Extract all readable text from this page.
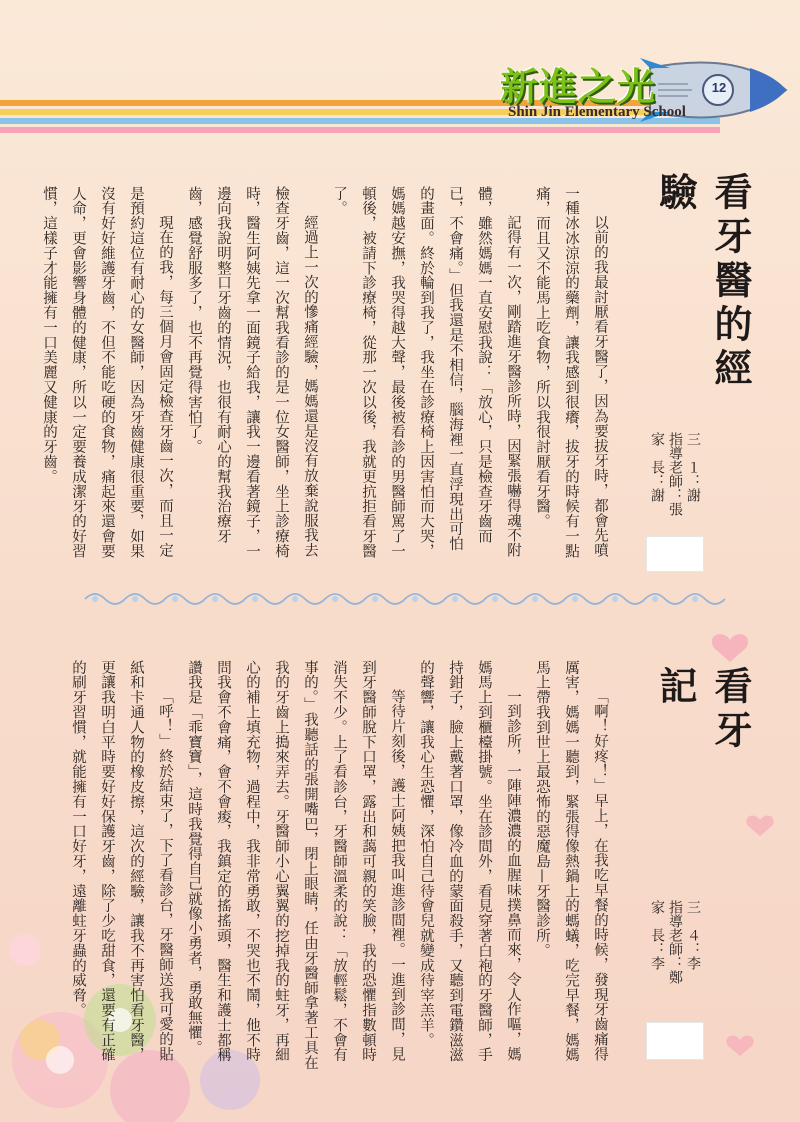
12
新進之光
Shin Jin Elementary School
看牙醫的經驗
三　１：謝
指導老師：張
家　長：謝

以前的我最討厭看牙醫了，因為要拔牙時，都會先噴一種冰冰涼涼的藥劑，讓我感到很癢，拔牙的時候有一點痛，而且又不能馬上吃食物，所以我很討厭看牙醫。

記得有一次，剛踏進牙醫診所時，因緊張嚇得魂不附體，雖然媽媽一直安慰我說：「放心，只是檢查牙齒而已，不會痛。」但我還是不相信，腦海裡一直浮現出可怕的畫面。終於輪到我了，我坐在診療椅上因害怕而大哭，媽媽越安撫，我哭得越大聲，最後被看診的男醫師罵了一頓後，被請下診療椅，從那一次以後，我就更抗拒看牙醫了。

經過上一次的慘痛經驗，媽媽還是沒有放棄說服我去檢查牙齒，這一次幫我看診的是一位女醫師，坐上診療椅時，醫生阿姨先拿一面鏡子給我，讓我一邊看著鏡子，一邊向我說明整口牙齒的情況，也很有耐心的幫我治療牙齒，感覺舒服多了，也不再覺得害怕了。

現在的我，每三個月會固定檢查牙齒一次，而且一定是預約這位有耐心的女醫師，因為牙齒健康很重要，如果沒有好好維護牙齒，不但不能吃硬的食物，痛起來還會要人命，更會影響身體的健康，所以一定要養成潔牙的好習慣，這樣子才能擁有一口美麗又健康的牙齒。

看牙記
三　４：李
指導老師：鄭
家　長：李

「啊！好疼！」早上，在我吃早餐的時候，發現牙齒痛得厲害，媽媽一聽到，緊張得像熱鍋上的螞蟻，吃完早餐，媽媽馬上帶我到世上最恐怖的惡魔島—牙醫診所。

一到診所，一陣陣濃濃的血腥味撲鼻而來，令人作嘔，媽媽馬上到櫃檯掛號。坐在診間外，看見穿著白袍的牙醫師，手持鉗子，臉上戴著口罩，像冷血的蒙面殺手，又聽到電鑽滋滋的聲響，讓我心生恐懼，深怕自己待會兒就變成待宰羔羊。

等待片刻後，護士阿姨把我叫進診間裡。一進到診間，見到牙醫師脫下口罩，露出和藹可親的笑臉，我的恐懼指數頓時消失不少。上了看診台，牙醫師溫柔的說：「放輕鬆，不會有事的。」我聽話的張開嘴巴，閉上眼睛，任由牙醫師拿著工具在我的牙齒上搗來弄去。牙醫師小心翼翼的挖掉我的蛀牙，再細心的補上填充物，過程中，我非常勇敢，不哭也不鬧，他不時問我會不會痛，會不會痠，我鎮定的搖搖頭，醫生和護士都稱讚我是「乖寶寶」，這時我覺得自己就像小勇者，勇敢無懼。

「呼！」終於結束了，下了看診台，牙醫師送我可愛的貼紙和卡通人物的橡皮擦，這次的經驗，讓我不再害怕看牙醫，更讓我明白平時要好好保護牙齒，除了少吃甜食，還要有正確的刷牙習慣，就能擁有一口好牙，遠離蛀牙蟲的威脅。
